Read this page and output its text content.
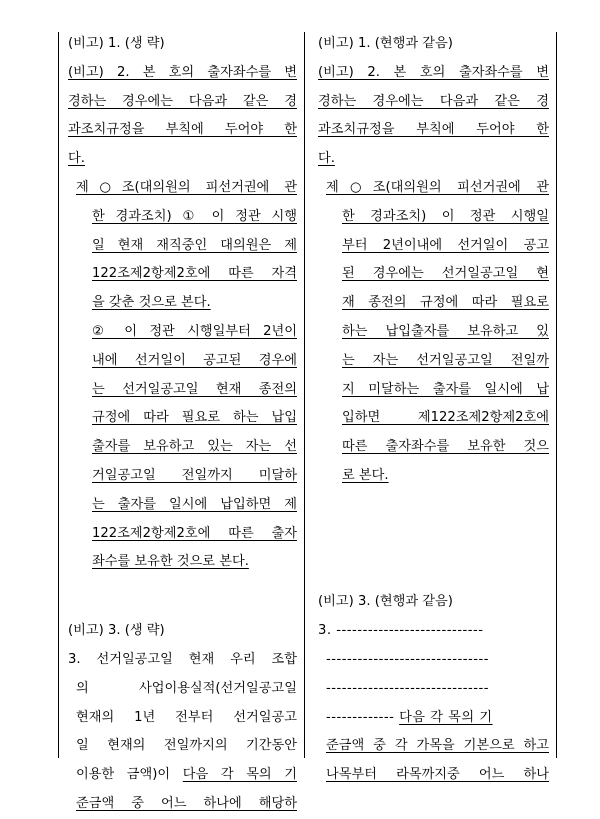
(비고) 1. (생 략)
(비고) 2. 본 호의 출자좌수를 변
경하는 경우에는 다음과 같은 경
과조치규정을 부칙에 두어야 한
다.
제○조(대의원의 피선거권에 관
한 경과조치) ① 이 정관 시행
일 현재 재직중인 대의원은 제
122조제2항제2호에 따른 자격
을 갖춘 것으로 본다.
② 이 정관 시행일부터 2년이
내에 선거일이 공고된 경우에
는 선거일공고일 현재 종전의
규정에 따라 필요로 하는 납입
출자를 보유하고 있는 자는 선
거일공고일 전일까지 미달하
는 출자를 일시에 납입하면 제
122조제2항제2호에 따른 출자
좌수를 보유한 것으로 본다.
(비고) 3. (생 략)
3. 선거일공고일 현재 우리 조합
의 사업이용실적(선거일공고일
현재의 1년 전부터 선거일공고
일 현재의 전일까지의 기간동안
이용한 금액)이 다음 각 목의 기
준금액 중 어느 하나에 해당하
(비고) 1. (현행과 같음)
(비고) 2. 본 호의 출자좌수를 변
경하는 경우에는 다음과 같은 경
과조치규정을 부칙에 두어야 한
다.
제○조(대의원의 피선거권에 관
한 경과조치) 이 정관 시행일
부터 2년이내에 선거일이 공고
된 경우에는 선거일공고일 현
재 종전의 규정에 따라 필요로
하는 납입출자를 보유하고 있
는 자는 선거일공고일 전일까
지 미달하는 출자를 일시에 납
입하면 제122조제2항제2호에
따른 출자좌수를 보유한 것으
로 본다.
(비고) 3. (현행과 같음)
3. ----------------------------
-------------------------------
-------------------------------
------------- 다음 각 목의 기
준금액 중 각 가목을 기본으로 하고
나목부터 라목까지중 어느 하나
